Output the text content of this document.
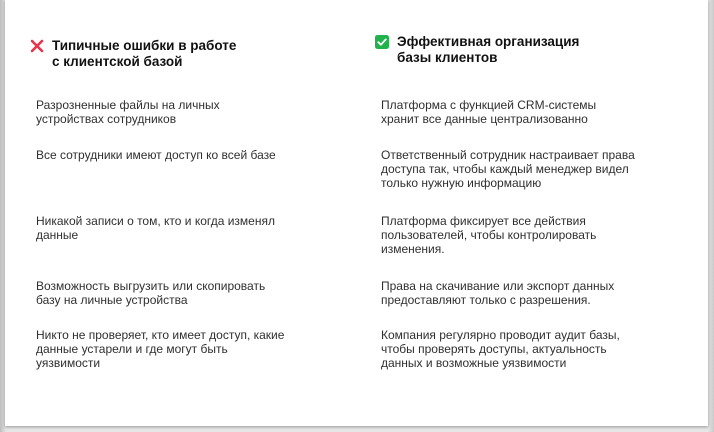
Типичные ошибки в работе
с клиентской базой
Разрозненные файлы на личных
устройствах сотрудников
Все сотрудники имеют доступ ко всей базе
Никакой записи о том, кто и когда изменял
данные
Возможность выгрузить или скопировать
базу на личные устройства
Никто не проверяет, кто имеет доступ, какие
данные устарели и где могут быть
уязвимости
Эффективная организация
базы клиентов
Платформа с функцией CRM-системы
хранит все данные централизованно
Ответственный сотрудник настраивает права
доступа так, чтобы каждый менеджер видел
только нужную информацию
Платформа фиксирует все действия
пользователей, чтобы контролировать
изменения.
Права на скачивание или экспорт данных
предоставляют только с разрешения.
Компания регулярно проводит аудит базы,
чтобы проверять доступы, актуальность
данных и возможные уязвимости
